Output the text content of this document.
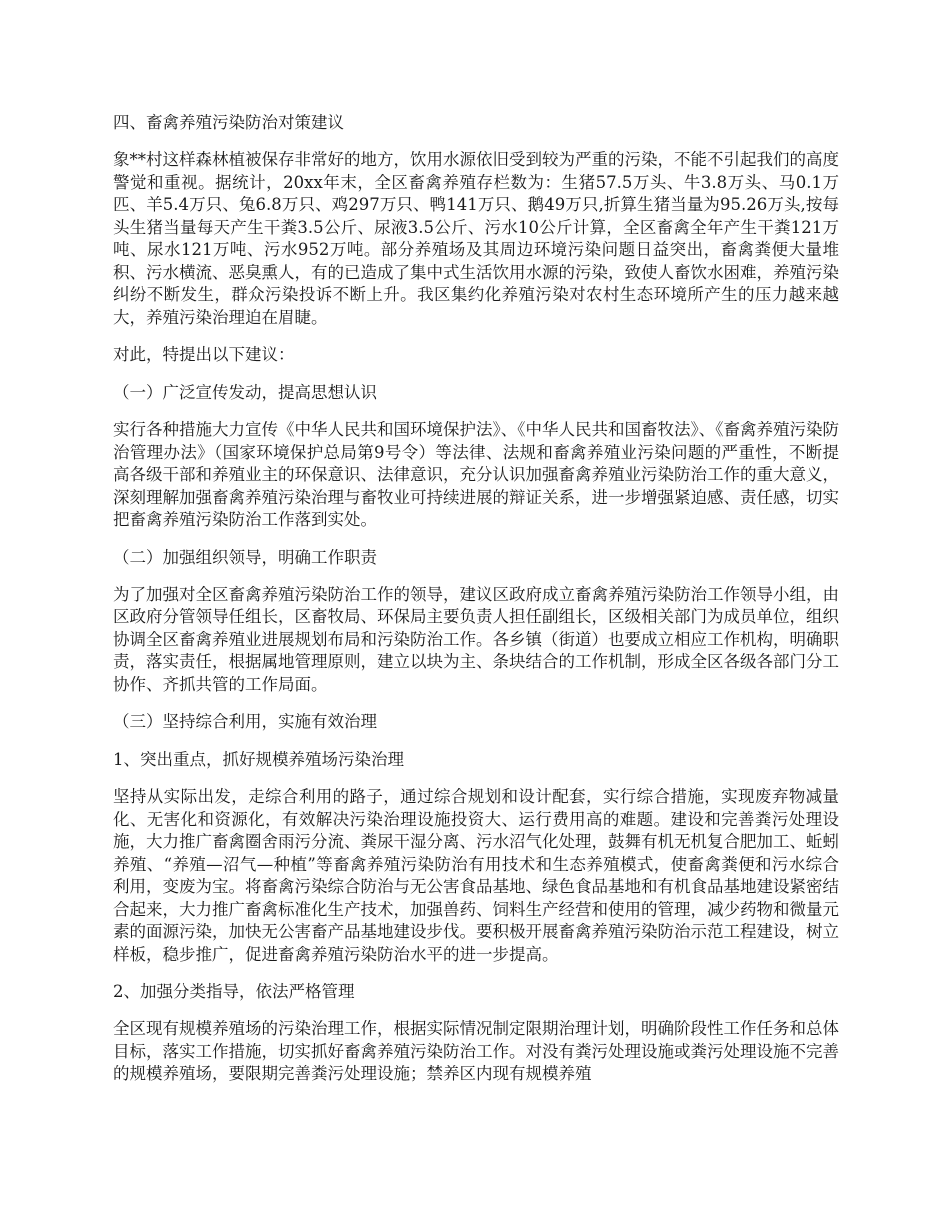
四、畜禽养殖污染防治对策建议
象**村这样森林植被保存非常好的地方，饮用水源依旧受到较为严重的污染，不能不引起我们的高度警觉和重视。据统计，20xx年末，全区畜禽养殖存栏数为：生猪57.5万头、牛3.8万头、马0.1万匹、羊5.4万只、兔6.8万只、鸡297万只、鸭141万只、鹅49万只,折算生猪当量为95.26万头,按每头生猪当量每天产生干粪3.5公斤、尿液3.5公斤、污水10公斤计算，全区畜禽全年产生干粪121万吨、尿水121万吨、污水952万吨。部分养殖场及其周边环境污染问题日益突出，畜禽粪便大量堆积、污水横流、恶臭熏人，有的已造成了集中式生活饮用水源的污染，致使人畜饮水困难，养殖污染纠纷不断发生，群众污染投诉不断上升。我区集约化养殖污染对农村生态环境所产生的压力越来越大，养殖污染治理迫在眉睫。
对此，特提出以下建议：
（一）广泛宣传发动，提高思想认识
实行各种措施大力宣传《中华人民共和国环境保护法》、《中华人民共和国畜牧法》、《畜禽养殖污染防治管理办法》（国家环境保护总局第9号令）等法律、法规和畜禽养殖业污染问题的严重性，不断提高各级干部和养殖业主的环保意识、法律意识，充分认识加强畜禽养殖业污染防治工作的重大意义，深刻理解加强畜禽养殖污染治理与畜牧业可持续进展的辩证关系，进一步增强紧迫感、责任感，切实把畜禽养殖污染防治工作落到实处。
（二）加强组织领导，明确工作职责
为了加强对全区畜禽养殖污染防治工作的领导，建议区政府成立畜禽养殖污染防治工作领导小组，由区政府分管领导任组长，区畜牧局、环保局主要负责人担任副组长，区级相关部门为成员单位，组织协调全区畜禽养殖业进展规划布局和污染防治工作。各乡镇（街道）也要成立相应工作机构，明确职责，落实责任，根据属地管理原则，建立以块为主、条块结合的工作机制，形成全区各级各部门分工协作、齐抓共管的工作局面。
（三）坚持综合利用，实施有效治理
1、突出重点，抓好规模养殖场污染治理
坚持从实际出发，走综合利用的路子，通过综合规划和设计配套，实行综合措施，实现废弃物减量化、无害化和资源化，有效解决污染治理设施投资大、运行费用高的难题。建设和完善粪污处理设施，大力推广畜禽圈舍雨污分流、粪尿干湿分离、污水沼气化处理，鼓舞有机无机复合肥加工、蚯蚓养殖、“养殖—沼气—种植”等畜禽养殖污染防治有用技术和生态养殖模式，使畜禽粪便和污水综合利用，变废为宝。将畜禽污染综合防治与无公害食品基地、绿色食品基地和有机食品基地建设紧密结合起来，大力推广畜禽标准化生产技术，加强兽药、饲料生产经营和使用的管理，减少药物和微量元素的面源污染，加快无公害畜产品基地建设步伐。要积极开展畜禽养殖污染防治示范工程建设，树立样板，稳步推广，促进畜禽养殖污染防治水平的进一步提高。
2、加强分类指导，依法严格管理
全区现有规模养殖场的污染治理工作，根据实际情况制定限期治理计划，明确阶段性工作任务和总体目标，落实工作措施，切实抓好畜禽养殖污染防治工作。对没有粪污处理设施或粪污处理设施不完善的规模养殖场，要限期完善粪污处理设施；禁养区内现有规模养殖
